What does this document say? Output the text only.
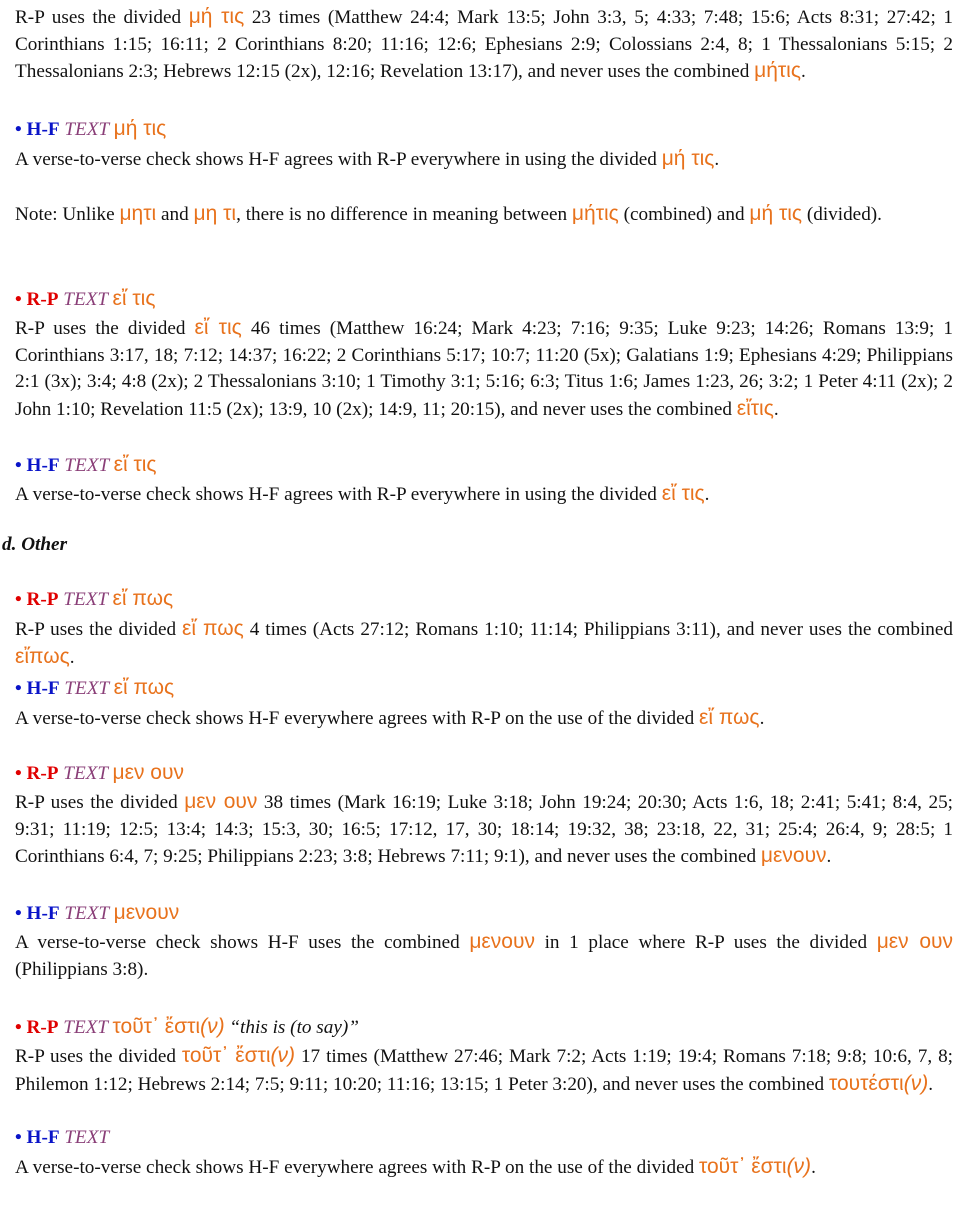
R-P uses the divided μή τις 23 times (Matthew 24:4; Mark 13:5; John 3:3, 5; 4:33; 7:48; 15:6; Acts 8:31; 27:42; 1 Corinthians 1:15; 16:11; 2 Corinthians 8:20; 11:16; 12:6; Ephesians 2:9; Colossians 2:4, 8; 1 Thessalonians 5:15; 2 Thessalonians 2:3; Hebrews 12:15 (2x), 12:16; Revelation 13:17), and never uses the combined μήτις.

• H-F TEXT μή τις

A verse-to-verse check shows H-F agrees with R-P everywhere in using the divided μή τις.

Note: Unlike μητι and μη τι, there is no difference in meaning between μήτις (combined) and μή τις (divided).

• R-P TEXT εἴ τις

R-P uses the divided εἴ τις 46 times (Matthew 16:24; Mark 4:23; 7:16; 9:35; Luke 9:23; 14:26; Romans 13:9; 1 Corinthians 3:17, 18; 7:12; 14:37; 16:22; 2 Corinthians 5:17; 10:7; 11:20 (5x); Galatians 1:9; Ephesians 4:29; Philippians 2:1 (3x); 3:4; 4:8 (2x); 2 Thessalonians 3:10; 1 Timothy 3:1; 5:16; 6:3; Titus 1:6; James 1:23, 26; 3:2; 1 Peter 4:11 (2x); 2 John 1:10; Revelation 11:5 (2x); 13:9, 10 (2x); 14:9, 11; 20:15), and never uses the combined εἴτις.

• H-F TEXT εἴ τις

A verse-to-verse check shows H-F agrees with R-P everywhere in using the divided εἴ τις.

d. Other

• R-P TEXT εἴ πως

R-P uses the divided εἴ πως 4 times (Acts 27:12; Romans 1:10; 11:14; Philippians 3:11), and never uses the combined εἴπως.

• H-F TEXT εἴ πως

A verse-to-verse check shows H-F everywhere agrees with R-P on the use of the divided εἴ πως.

• R-P TEXT μεν ουν

R-P uses the divided μεν ουν 38 times (Mark 16:19; Luke 3:18; John 19:24; 20:30; Acts 1:6, 18; 2:41; 5:41; 8:4, 25; 9:31; 11:19; 12:5; 13:4; 14:3; 15:3, 30; 16:5; 17:12, 17, 30; 18:14; 19:32, 38; 23:18, 22, 31; 25:4; 26:4, 9; 28:5; 1 Corinthians 6:4, 7; 9:25; Philippians 2:23; 3:8; Hebrews 7:11; 9:1), and never uses the combined μενουν.

• H-F TEXT μενουν

A verse-to-verse check shows H-F uses the combined μενουν in 1 place where R-P uses the divided μεν ουν (Philippians 3:8).

• R-P TEXT τοῦτ᾽ ἔστι(ν) “this is (to say)”

R-P uses the divided τοῦτ᾽ ἔστι(ν) 17 times (Matthew 27:46; Mark 7:2; Acts 1:19; 19:4; Romans 7:18; 9:8; 10:6, 7, 8; Philemon 1:12; Hebrews 2:14; 7:5; 9:11; 10:20; 11:16; 13:15; 1 Peter 3:20), and never uses the combined τουτέστι(ν).

• H-F TEXT

A verse-to-verse check shows H-F everywhere agrees with R-P on the use of the divided τοῦτ᾽ ἔστι(ν).
